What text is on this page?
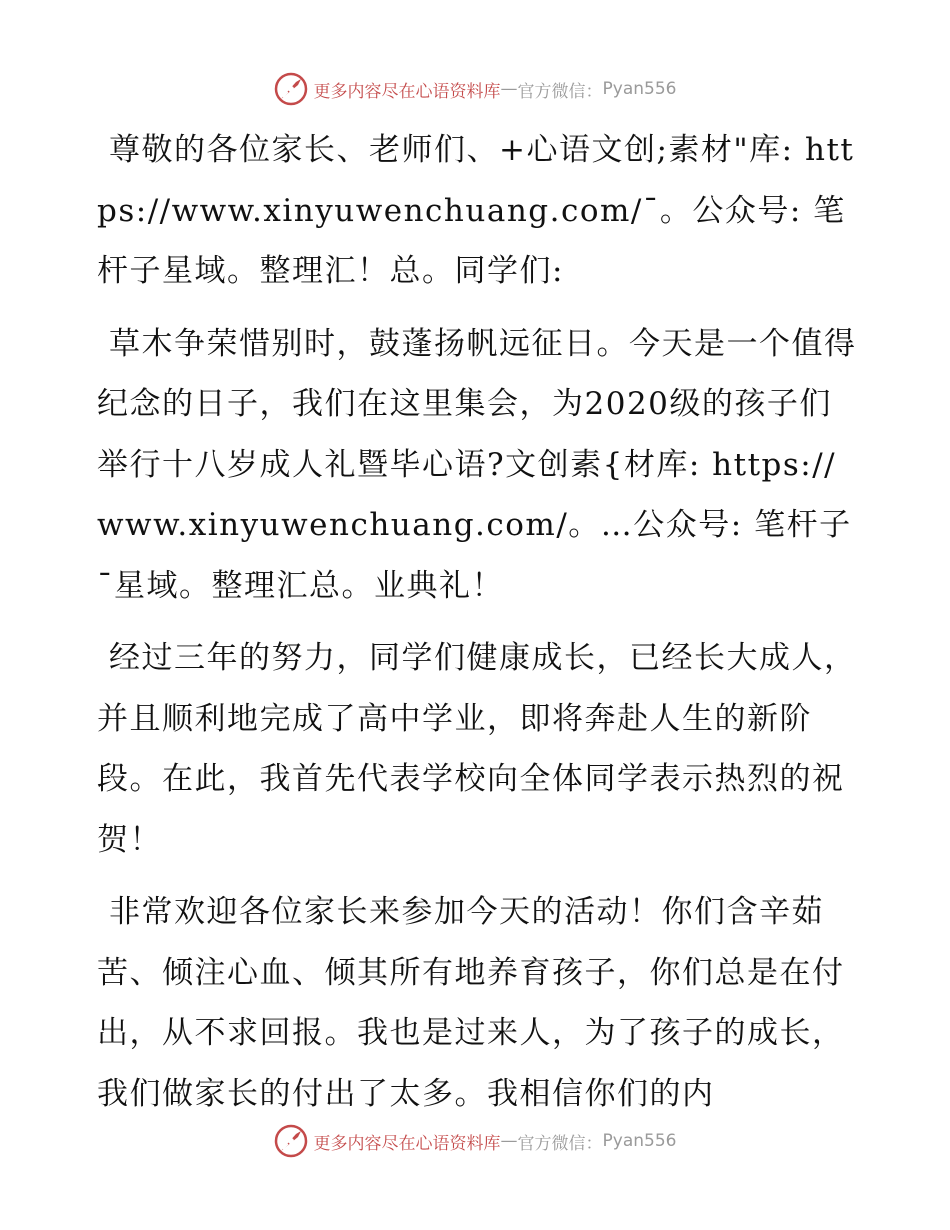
更多内容尽在心语资料库 — 官方微信： Pyan556

尊敬的各位家长、老师们、+心语文创;素材"库: https://www.xinyuwenchuang.com/¯。公众号: 笔杆子星域。整理汇！总。同学们:

草木争荣惜别时，鼓蓬扬帆远征日。今天是一个值得纪念的日子，我们在这里集会，为2020级的孩子们举行十八岁成人礼暨毕心语?文创素{材库: https://www.xinyuwenchuang.com/。…公众号: 笔杆子¯星域。整理汇总。业典礼！

经过三年的努力，同学们健康成长，已经长大成人，并且顺利地完成了高中学业，即将奔赴人生的新阶段。在此，我首先代表学校向全体同学表示热烈的祝贺！

非常欢迎各位家长来参加今天的活动！你们含辛茹苦、倾注心血、倾其所有地养育孩子，你们总是在付出，从不求回报。我也是过来人，为了孩子的成长，我们做家长的付出了太多。我相信你们的内

更多内容尽在心语资料库 — 官方微信： Pyan556
